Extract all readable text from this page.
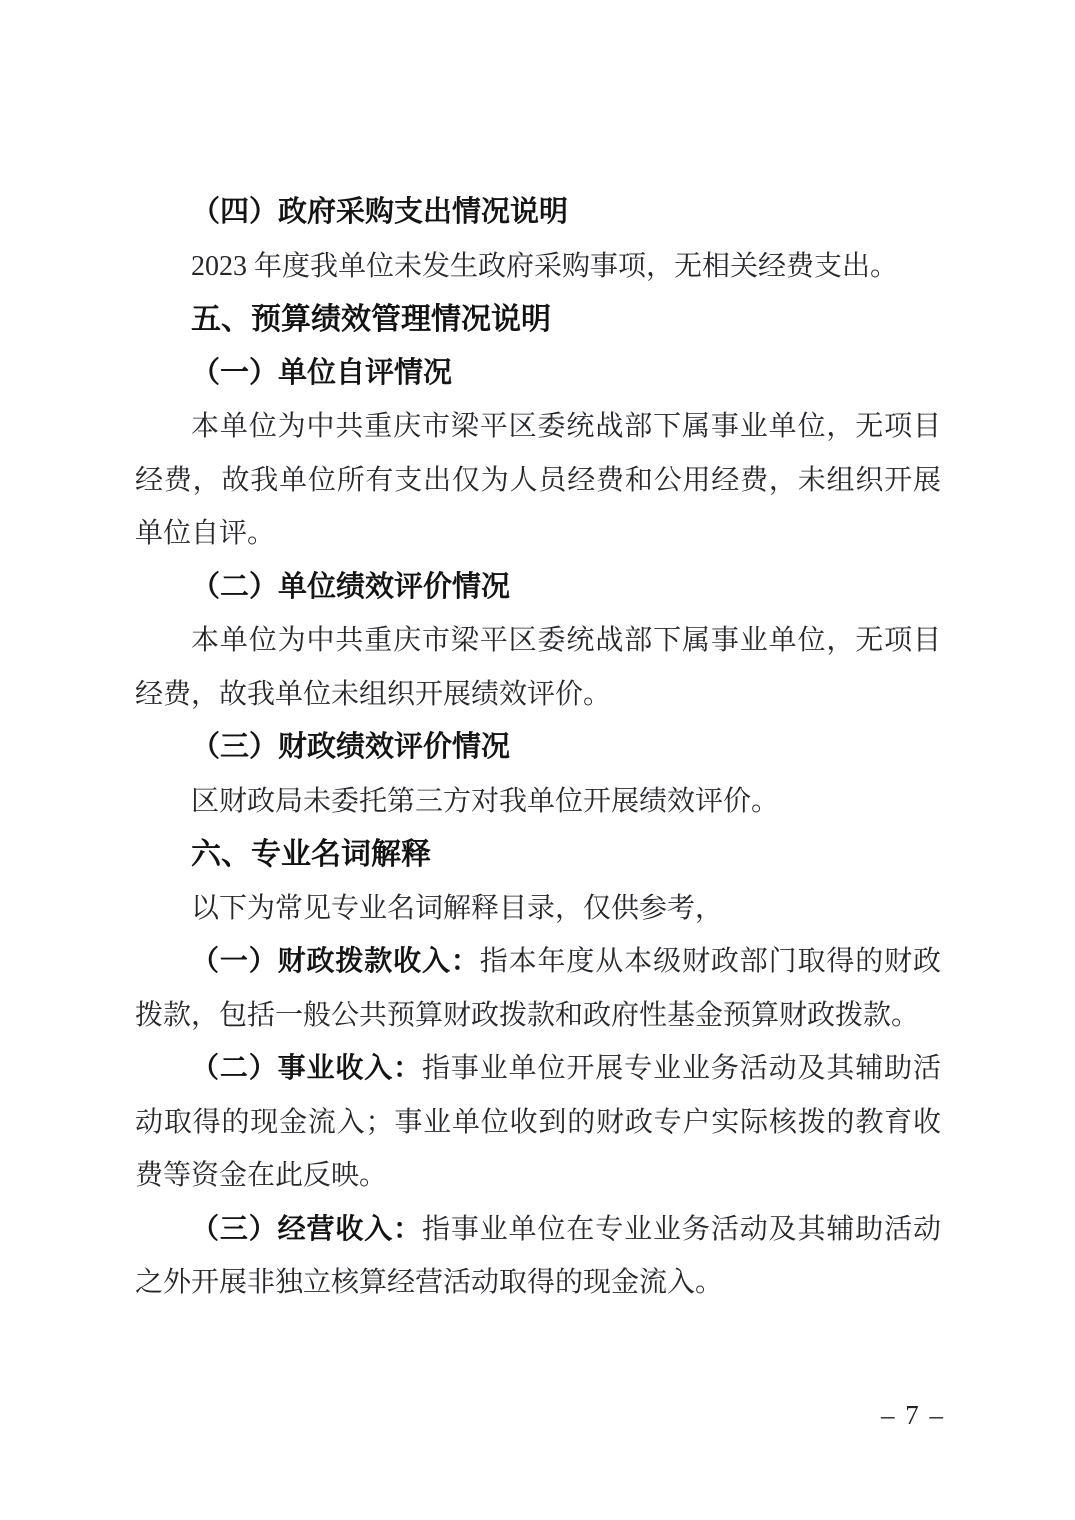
（四）政府采购支出情况说明
2023 年度我单位未发生政府采购事项，无相关经费支出。
五、预算绩效管理情况说明
（一）单位自评情况
本单位为中共重庆市梁平区委统战部下属事业单位，无项目经费，故我单位所有支出仅为人员经费和公用经费，未组织开展单位自评。
（二）单位绩效评价情况
本单位为中共重庆市梁平区委统战部下属事业单位，无项目经费，故我单位未组织开展绩效评价。
（三）财政绩效评价情况
区财政局未委托第三方对我单位开展绩效评价。
六、专业名词解释
以下为常见专业名词解释目录，仅供参考，
（一）财政拨款收入：指本年度从本级财政部门取得的财政拨款，包括一般公共预算财政拨款和政府性基金预算财政拨款。
（二）事业收入：指事业单位开展专业业务活动及其辅助活动取得的现金流入；事业单位收到的财政专户实际核拨的教育收费等资金在此反映。
（三）经营收入：指事业单位在专业业务活动及其辅助活动之外开展非独立核算经营活动取得的现金流入。
– 7 –
